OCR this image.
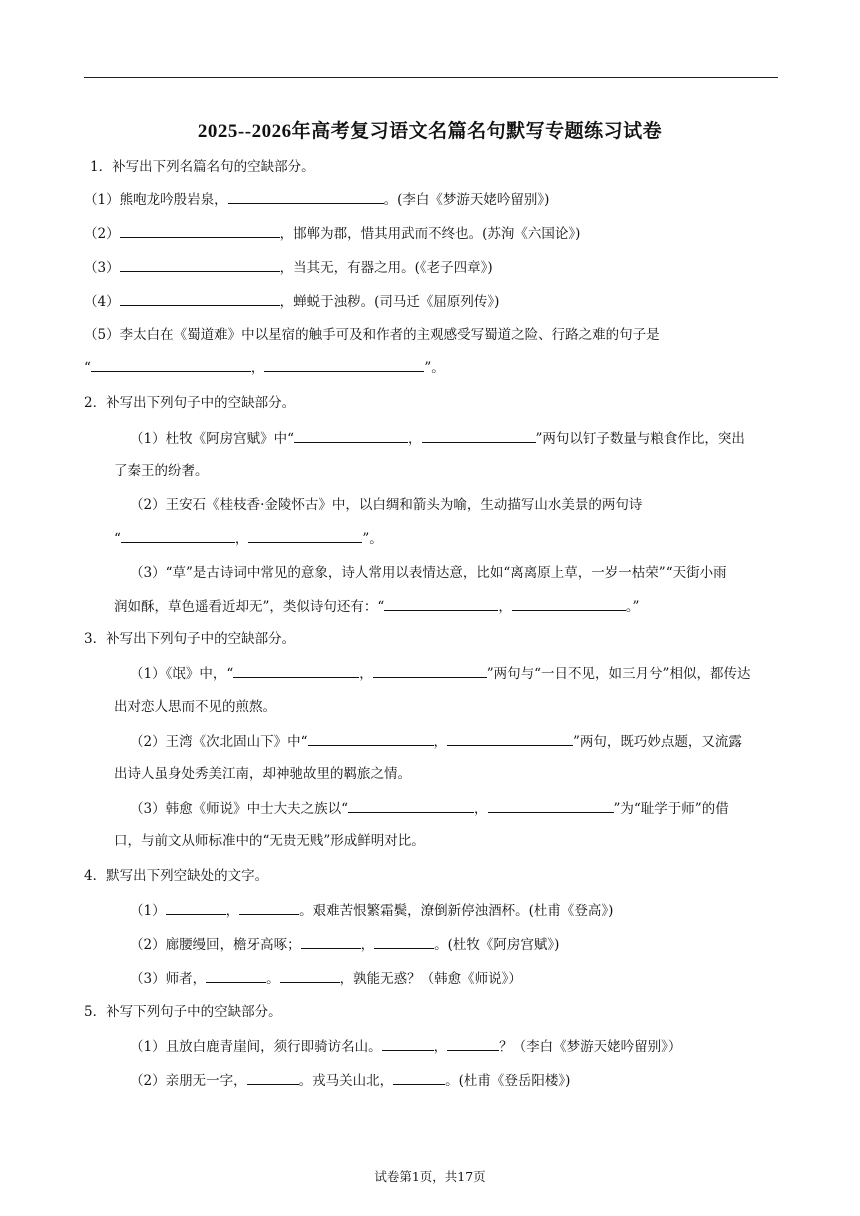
2025--2026年高考复习语文名篇名句默写专题练习试卷
1．补写出下列名篇名句的空缺部分。
（1）熊咆龙吟殷岩泉，	。(李白《梦游天姥吟留别》)
（2）	，邯郸为郡，惜其用武而不终也。(苏洵《六国论》)
（3）	，当其无，有器之用。(《老子四章》)
（4）	，蝉蜕于浊秽。(司马迁《屈原列传》)
（5）李太白在《蜀道难》中以星宿的触手可及和作者的主观感受写蜀道之险、行路之难的句子是
“	，	”。
2．补写出下列句子中的空缺部分。
（1）杜牧《阿房宫赋》中“	，	”两句以钉子数量与粮食作比，突出
了秦王的纷奢。
（2）王安石《桂枝香·金陵怀古》中，以白绸和箭头为喻，生动描写山水美景的两句诗
“	，	”。
（3）“草”是古诗词中常见的意象，诗人常用以表情达意，比如“离离原上草，一岁一枯荣”“天街小雨
润如酥，草色遥看近却无”，类似诗句还有：“	，	。”
3．补写出下列句子中的空缺部分。
（1）《氓》中，“	，	”两句与“一日不见，如三月兮”相似，都传达
出对恋人思而不见的煎熬。
（2）王湾《次北固山下》中“	，	”两句，既巧妙点题，又流露
出诗人虽身处秀美江南，却神驰故里的羁旅之情。
（3）韩愈《师说》中士大夫之族以“	，	”为“耻学于师”的借
口，与前文从师标准中的“无贵无贱”形成鲜明对比。
4．默写出下列空缺处的文字。
（1）	，	。艰难苦恨繁霜鬓，潦倒新停浊酒杯。(杜甫《登高》)
（2）廊腰缦回，檐牙高啄；	，	。(杜牧《阿房宫赋》)
（3）师者，	。	，孰能无惑？（韩愈《师说》）
5．补写下列句子中的空缺部分。
（1）且放白鹿青崖间，须行即骑访名山。	，	？（李白《梦游天姥吟留别》）
（2）亲朋无一字，	。戎马关山北，	。(杜甫《登岳阳楼》)
试卷第1页，共17页
